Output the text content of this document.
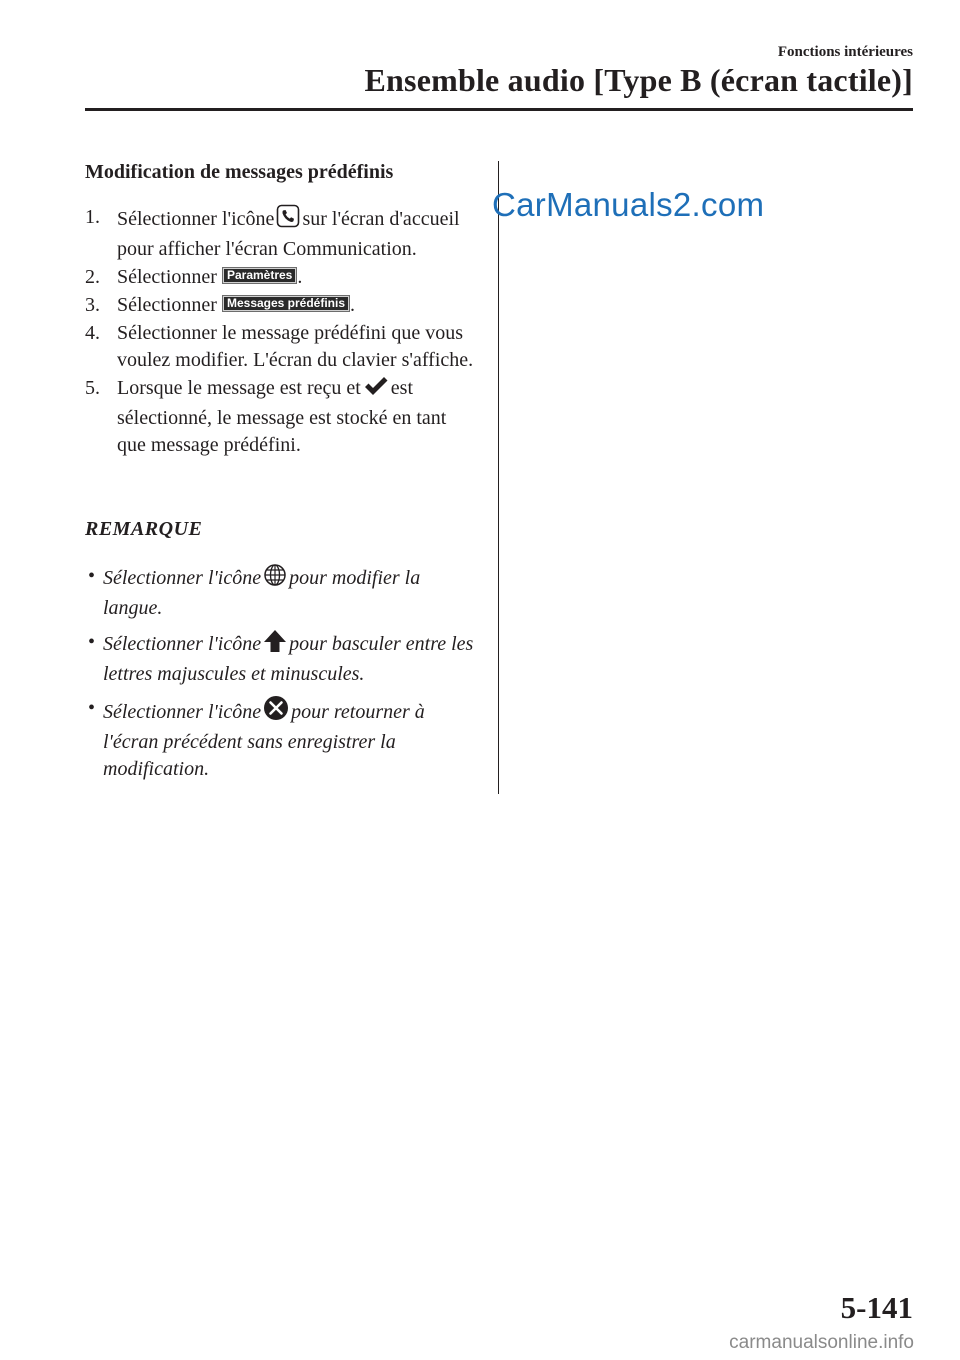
Fonctions intérieures
Ensemble audio [Type B (écran tactile)]
Modification de messages prédéfinis
1. Sélectionner l'icône sur l'écran d'accueil pour afficher l'écran Communication.
2. Sélectionner Paramètres .
3. Sélectionner Messages prédéfinis .
4. Sélectionner le message prédéfini que vous voulez modifier. L'écran du clavier s'affiche.
5. Lorsque le message est reçu et est sélectionné, le message est stocké en tant que message prédéfini.
REMARQUE
• Sélectionner l'icône pour modifier la langue.
• Sélectionner l'icône pour basculer entre les lettres majuscules et minuscules.
• Sélectionner l'icône pour retourner à l'écran précédent sans enregistrer la modification.
CarManuals2.com
5-141
carmanualsonline.info
